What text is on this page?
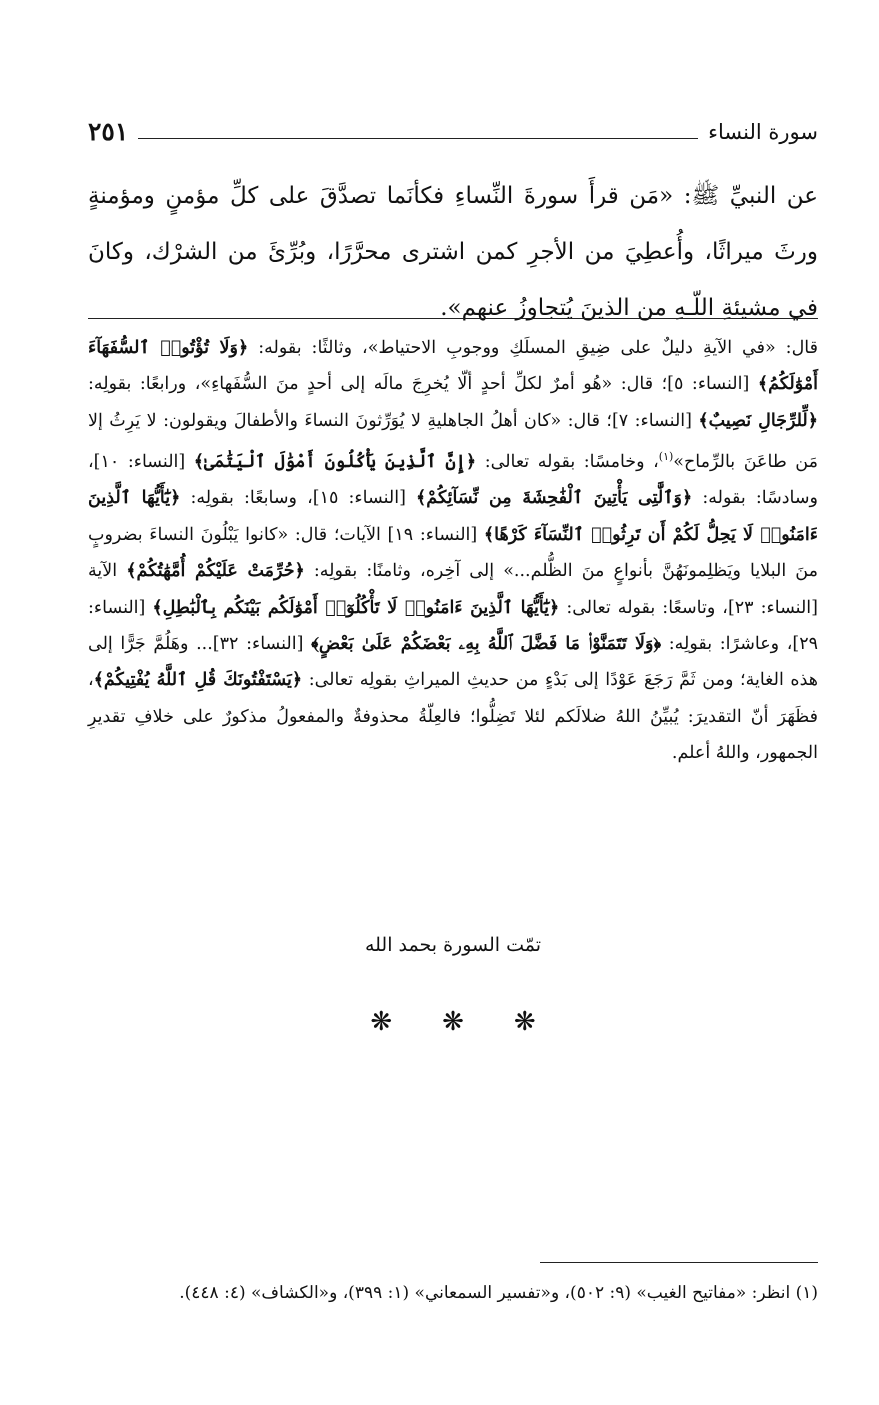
سورة النساء
٢٥١

عن النبيِّ ﷺ: «مَن قرأَ سورةَ النِّساءِ فكأنَما تصدَّقَ على كلِّ مؤمنٍ ومؤمنةٍ ورثَ ميراثًا، وأُعطِيَ من الأجرِ كمن اشترى محرَّرًا، وبُرِّئَ من الشرْك، وكانَ في مشيئةِ اللّـهِ من الذينَ يُتجاوزُ عنهم».

قال: «في الآيةِ دليلٌ على ضِيقِ المسلَكِ ووجوبِ الاحتياط»، وثالثًا: بقوله: ﴿وَلَا تُؤْتُوا۟ ٱلسُّفَهَآءَ أَمْوَٰلَكُمُ﴾ [النساء: ٥]؛ قال: «هُو أمرٌ لكلِّ أحدٍ ألّا يُخرِجَ مالَه إلى أحدٍ منَ السُّفَهاءِ»، ورابعًا: بقولِه: ﴿لِّلرِّجَالِ نَصِيبٌ﴾ [النساء: ٧]؛ قال: «كان أهلُ الجاهليةِ لا يُوَرِّثونَ النساءَ والأطفالَ ويقولون: لا يَرِثُ إلا مَن طاعَنَ بالرِّماح»$^{(١)}$، وخامسًا: بقوله تعالى: ﴿إِنَّ ٱلَّذِينَ يَأْكُلُونَ أَمْوَٰلَ ٱلْيَتَٰمَىٰ﴾ [النساء: ١٠]، وسادسًا: بقوله: ﴿وَٱلَّٰتِى يَأْتِينَ ٱلْفَٰحِشَةَ مِن نِّسَآئِكُمْ﴾ [النساء: ١٥]، وسابعًا: بقولِه: ﴿يَٰٓأَيُّهَا ٱلَّذِينَ ءَامَنُوا۟ لَا يَحِلُّ لَكُمْ أَن تَرِثُوا۟ ٱلنِّسَآءَ كَرْهًا﴾ [النساء: ١٩] الآيات؛ قال: «كانوا يَبْلُونَ النساءَ بضروبٍ منَ البلايا ويَظلِمونَهُنَّ بأنواعٍ منَ الظُّلم...» إلى آخِره، وثامنًا: بقولِه: ﴿حُرِّمَتْ عَلَيْكُمْ أُمَّهَٰتُكُمْ﴾ الآية [النساء: ٢٣]، وتاسعًا: بقوله تعالى: ﴿يَٰٓأَيُّهَا ٱلَّذِينَ ءَامَنُوا۟ لَا تَأْكُلُوٓا۟ أَمْوَٰلَكُم بَيْنَكُم بِٱلْبَٰطِلِ﴾ [النساء: ٢٩]، وعاشرًا: بقولِه: ﴿وَلَا تَتَمَنَّوْا۟ مَا فَضَّلَ ٱللَّهُ بِهِۦ بَعْضَكُمْ عَلَىٰ بَعْضٍ﴾ [النساء: ٣٢]... وهَلُمَّ جَرًّا إلى هذه الغاية؛ ومن ثَمَّ رَجَعَ عَوْدًا إلى بَدْءٍ من حديثِ الميراثِ بقولِه تعالى: ﴿يَسْتَفْتُونَكَ قُلِ ٱللَّهُ يُفْتِيكُمْ﴾، فظَهَرَ أنّ التقديرَ: يُبيِّنُ اللهُ ضلالَكم لئلا تَضِلُّوا؛ فالعِلّةُ محذوفةٌ والمفعولُ مذكورٌ على خلافِ تقديرِ الجمهور، واللهُ أعلم.

تمّت السورة بحمد الله
❋❋❋
(١) انظر: «مفاتيح الغيب» (٩: ٥٠٢)، و«تفسير السمعاني» (١: ٣٩٩)، و«الكشاف» (٤: ٤٤٨).
